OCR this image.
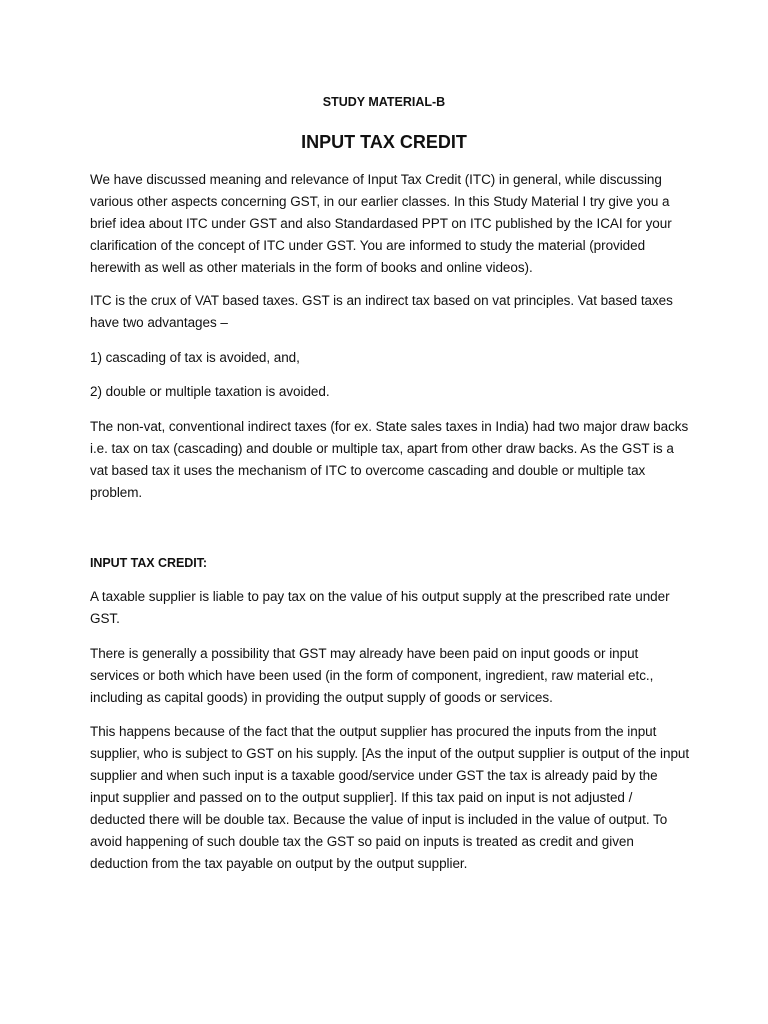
STUDY MATERIAL-B

INPUT TAX CREDIT

We have discussed meaning and relevance of Input Tax Credit (ITC) in general, while discussing various other aspects concerning GST, in our earlier classes. In this Study Material I try give you a brief idea about ITC under GST and also Standardased PPT on ITC published by the ICAI for your clarification of the concept of ITC under GST. You are informed to study the material (provided herewith as well as other materials in the form of books and online videos).

ITC is the crux of VAT based taxes. GST is an indirect tax based on vat principles. Vat based taxes have two advantages –

1) cascading of tax is avoided, and,

2) double or multiple taxation is avoided.

The non-vat, conventional indirect taxes (for ex. State sales taxes in India) had two major draw backs i.e. tax on tax (cascading) and double or multiple tax, apart from other draw backs. As the GST is a vat based tax it uses the mechanism of ITC to overcome cascading and double or multiple tax problem.

INPUT TAX CREDIT:

A taxable supplier is liable to pay tax on the value of his output supply at the prescribed rate under GST.

There is generally a possibility that GST may already have been paid on input goods or input services or both which have been used (in the form of component, ingredient, raw material etc., including as capital goods) in providing the output supply of goods or services.

This happens because of the fact that the output supplier has procured the inputs from the input supplier, who is subject to GST on his supply. [As the input of the output supplier is output of the input supplier and when such input is a taxable good/service under GST the tax is already paid by the input supplier and passed on to the output supplier]. If this tax paid on input is not adjusted / deducted there will be double tax. Because the value of input is included in the value of output. To avoid happening of such double tax the GST so paid on inputs is treated as credit and given deduction from the tax payable on output by the output supplier.
